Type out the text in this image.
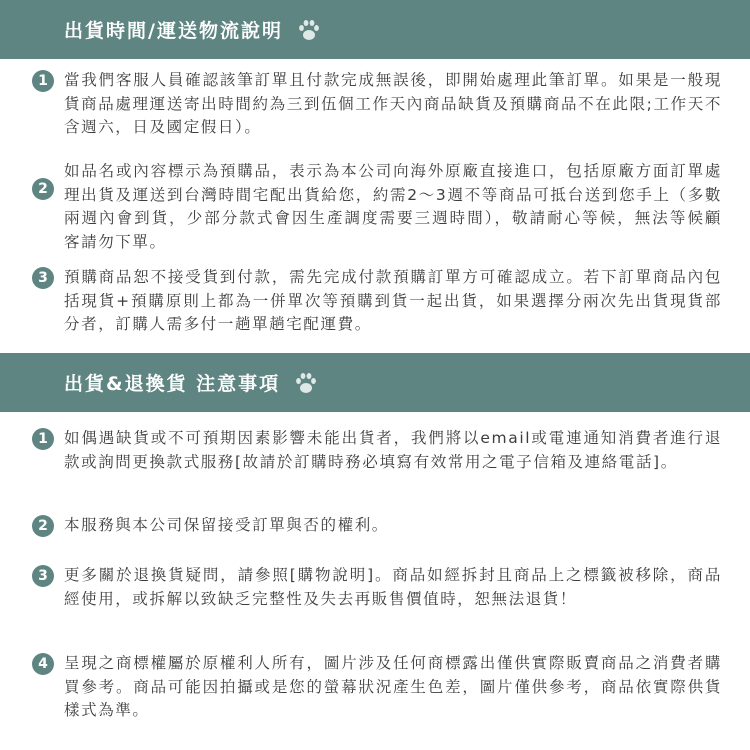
出貨時間/運送物流說明
1	當我們客服人員確認該筆訂單且付款完成無誤後，即開始處理此筆訂單。如果是一般現貨商品處理運送寄出時間約為三到伍個工作天內商品缺貨及預購商品不在此限;工作天不含週六，日及國定假日）。
2
如品名或內容標示為預購品，表示為本公司向海外原廠直接進口，包括原廠方面訂單處理出貨及運送到台灣時間宅配出貨給您，約需2～3週不等商品可抵台送到您手上（多數兩週內會到貨，少部分款式會因生產調度需要三週時間），敬請耐心等候，無法等候顧客請勿下單。
3	預購商品恕不接受貨到付款，需先完成付款預購訂單方可確認成立。若下訂單商品內包括現貨+預購原則上都為一併單次等預購到貨一起出貨，如果選擇分兩次先出貨現貨部分者，訂購人需多付一趟單趟宅配運費。
出貨&退換貨 注意事項
1	如偶遇缺貨或不可預期因素影響未能出貨者，我們將以email或電連通知消費者進行退款或詢問更換款式服務[故請於訂購時務必填寫有效常用之電子信箱及連絡電話]。
2	本服務與本公司保留接受訂單與否的權利。
3	更多關於退換貨疑問，請參照[購物說明]。商品如經拆封且商品上之標籤被移除，商品經使用，或拆解以致缺乏完整性及失去再販售價值時，恕無法退貨！
4	呈現之商標權屬於原權利人所有，圖片涉及任何商標露出僅供實際販賣商品之消費者購買參考。商品可能因拍攝或是您的螢幕狀況產生色差，圖片僅供參考，商品依實際供貨樣式為準。
